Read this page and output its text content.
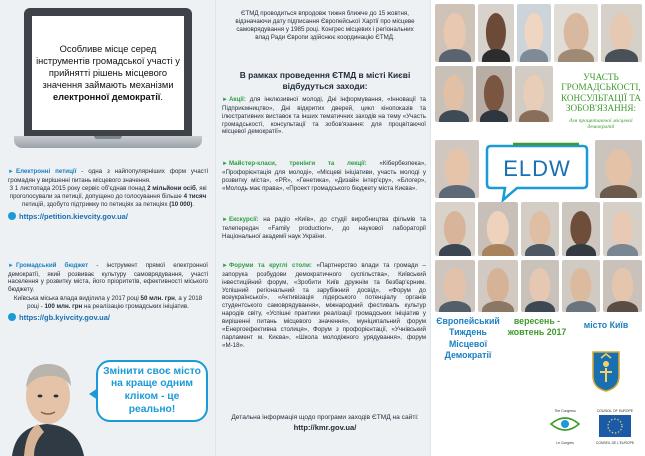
Особливе місце серед інструментів громадської участі у прийнятті рішень місцевого значення займають механізми електронної демократії.

► Електронні петиції - одна з найпопулярніших форм участі громадян у вирішенні питань місцевого значення.

З 1 листопада 2015 року сервіс об'єднав понад 2 мільйони осіб, які проголосували за петиції, допущено до голосування більше 4 тисяч петицій, здобуто підтримку по петиціях за петиціях (10 000).

https://petition.kievcity.gov.ua/

► Громадський бюджет - інструмент прямої електронної демократії, який розвиває культуру самоврядування, участі населення у розвитку міста, його пріоритетів, ефективності міського бюджету.

Київська міська влада виділила у 2017 році 50 млн. грн, а у 2018 році - 100 млн. грн на реалізацію громадських ініціатив.

https://gb.kyivcity.gov.ua/
Змінити своє місто на краще одним кліком - це реально!

ЄТМД проводиться впродовж тижня ближче до 15 жовтня, відзначаючи дату підписання Європейської Хартії про місцеве самоврядування у 1985 році. Конгрес місцевих і регіональних влад Ради Європи здійснює координацію ЄТМД.

В рамках проведення ЄТМД в місті Києві відбудуться заходи:

►Акції: для інклюзивної молоді, Дні інформування, «Інновації та Підприємництво», Дні відкритих дверей, цикл кінопоказів та ілюстративних виставок та інших тематичних заходів на тему «Участь громадськості, консультації та зобов'язання: для процвітаючої місцевої демократії».

►Майстер-класи, тренінги та лекції: «Кібербезпека», «Профорієнтація для молоді», «Місцеві ініціативи, участь молоді у розвитку міста», «PR», «Генетика», «Дизайн інтер'єру», «Блогер», «Молодь має права», «Проект громадського бюджету міста Києва».

►Екскурсії: на радіо «Київ», до студії виробництва фільмів та телепередач «Family production», до наукової лабораторії Національної академії наук України.

►Форуми та круглі столи: «Партнерство влади та громади – запорука розбудови демократичного суспільства», Київський інвестиційний форум, «Зробити Київ дружнім та безбар'єрним. Успішний регіональний та зарубіжний досвід», «Форум до всеукраїнської», «Активізація лідерського потенціалу органів студентського самоврядування», міжнародний фестиваль культур народів світу, «Успішні практики реалізації громадських ініціатив у вирішенні питань місцевого значення», муніципальний форум «Енергоефективна столиця», Форум з профорієнтації, «Учнівський парламент м. Києва», «Школа молодіжного урядування», форум «М-18».

Детальна інформація щодо програми заходів ЄТМД на сайті:

http://kmr.gov.ua/

УЧАСТЬ ГРОМАДСЬКОСТІ, КОНСУЛЬТАЦІЇ ТА ЗОБОВ'ЯЗАННЯ:

для процвітаючої місцевої демократії

ELDW

Європейський Тиждень Місцевої Демократії

вересень - жовтень 2017

місто Київ

The Congress
Le Congrès
COUNCIL OF EUROPE
CONSEIL DE L'EUROPE
